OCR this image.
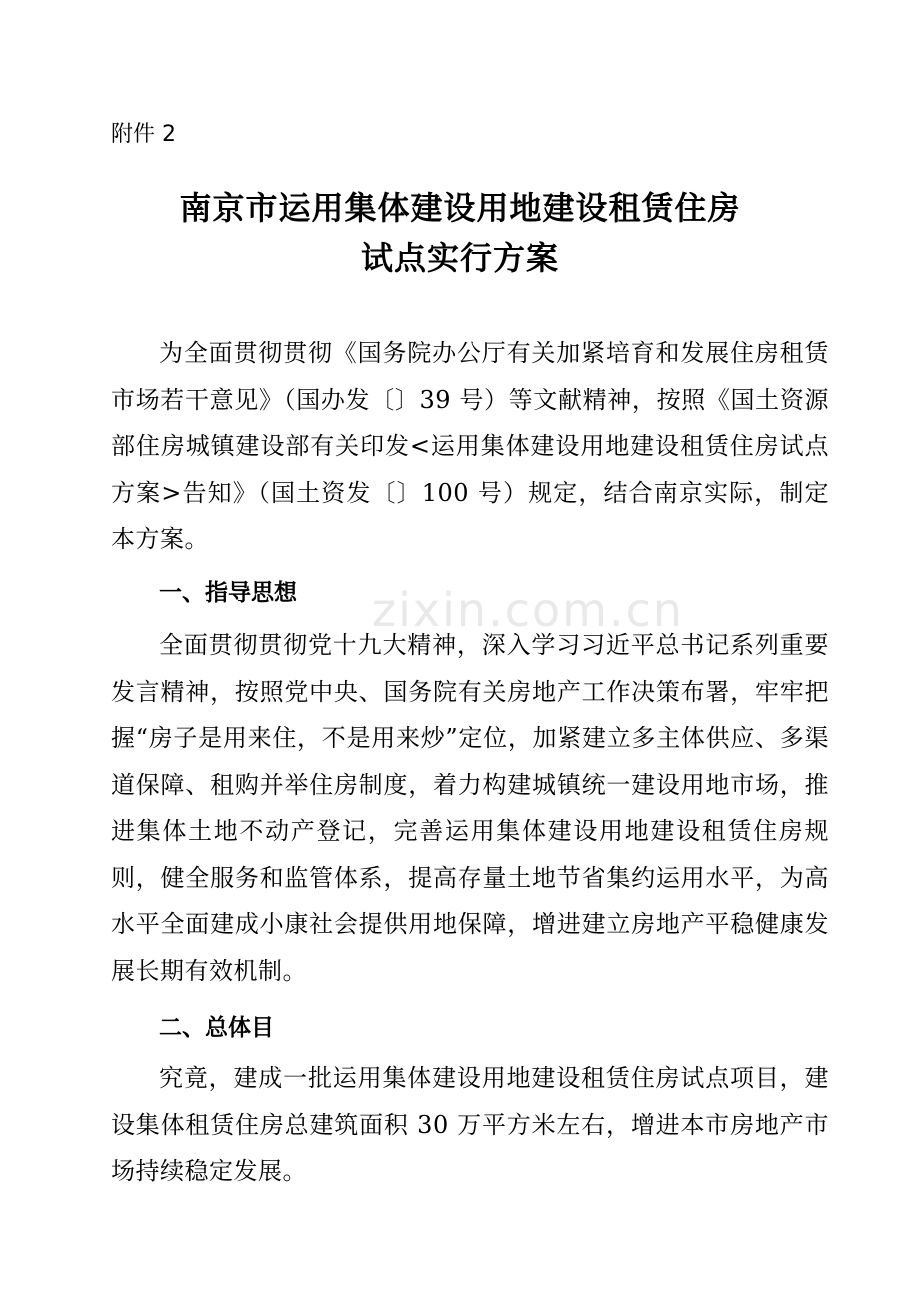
附件 2
南京市运用集体建设用地建设租赁住房
试点实行方案
为全面贯彻贯彻《国务院办公厅有关加紧培育和发展住房租赁市场若干意见》（国办发〔〕39 号）等文献精神，按照《国土资源部住房城镇建设部有关印发<运用集体建设用地建设租赁住房试点方案>告知》（国土资发〔〕100 号）规定，结合南京实际，制定本方案。
一、指导思想 zixin.com.cn
全面贯彻贯彻党十九大精神，深入学习习近平总书记系列重要发言精神，按照党中央、国务院有关房地产工作决策布署，牢牢把握“房子是用来住，不是用来炒”定位，加紧建立多主体供应、多渠道保障、租购并举住房制度，着力构建城镇统一建设用地市场，推进集体土地不动产登记，完善运用集体建设用地建设租赁住房规则，健全服务和监管体系，提高存量土地节省集约运用水平，为高水平全面建成小康社会提供用地保障，增进建立房地产平稳健康发展长期有效机制。
二、总体目
究竟，建成一批运用集体建设用地建设租赁住房试点项目，建设集体租赁住房总建筑面积 30 万平方米左右，增进本市房地产市场持续稳定发展。
